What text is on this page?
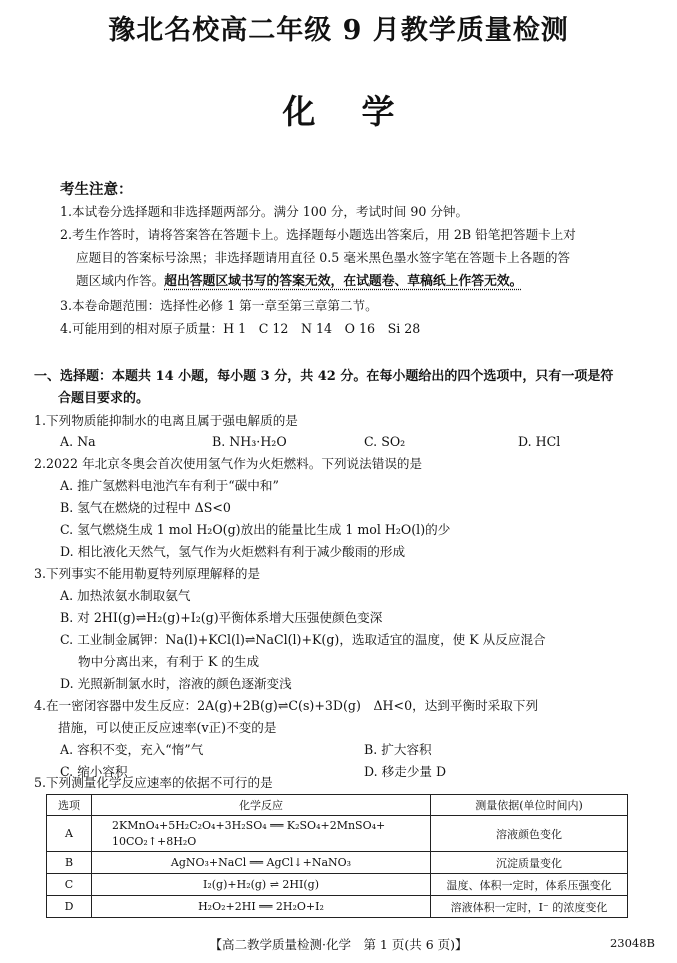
豫北名校高二年级 9 月教学质量检测
化学
考生注意：
1.本试卷分选择题和非选择题两部分。满分 100 分，考试时间 90 分钟。
2.考生作答时，请将答案答在答题卡上。选择题每小题选出答案后，用 2B 铅笔把答题卡上对
应题目的答案标号涂黑；非选择题请用直径 0.5 毫米黑色墨水签字笔在答题卡上各题的答
题区域内作答。超出答题区域书写的答案无效，在试题卷、草稿纸上作答无效。
3.本卷命题范围：选择性必修 1 第一章至第三章第二节。
4.可能用到的相对原子质量：H 1　C 12　N 14　O 16　Si 28
一、选择题：本题共 14 小题，每小题 3 分，共 42 分。在每小题给出的四个选项中，只有一项是符
合题目要求的。
1.下列物质能抑制水的电离且属于强电解质的是
A. Na	B. NH₃·H₂O	C. SO₂	D. HCl
2.2022 年北京冬奥会首次使用氢气作为火炬燃料。下列说法错误的是
A. 推广氢燃料电池汽车有利于“碳中和”
B. 氢气在燃烧的过程中 ΔS<0
C. 氢气燃烧生成 1 mol H₂O(g)放出的能量比生成 1 mol H₂O(l)的少
D. 相比液化天然气，氢气作为火炬燃料有利于减少酸雨的形成
3.下列事实不能用勒夏特列原理解释的是
A. 加热浓氨水制取氨气
B. 对 2HI(g)⇌H₂(g)+I₂(g)平衡体系增大压强使颜色变深
C. 工业制金属钾：Na(l)+KCl(l)⇌NaCl(l)+K(g)，选取适宜的温度，使 K 从反应混合
物中分离出来，有利于 K 的生成
D. 光照新制氯水时，溶液的颜色逐渐变浅
4.在一密闭容器中发生反应：2A(g)+2B(g)⇌C(s)+3D(g)　ΔH<0，达到平衡时采取下列
措施，可以使正反应速率(v正)不变的是
A. 容积不变，充入“惰”气	B. 扩大容积
C. 缩小容积	D. 移走少量 D
5.下列测量化学反应速率的依据不可行的是
选项	化学反应	测量依据(单位时间内)
A	2KMnO₄+5H₂C₂O₄+3H₂SO₄ ══ K₂SO₄+2MnSO₄+
10CO₂↑+8H₂O	溶液颜色变化
B	AgNO₃+NaCl ══ AgCl↓+NaNO₃	沉淀质量变化
C	I₂(g)+H₂(g) ⇌ 2HI(g)	温度、体积一定时，体系压强变化
D	H₂O₂+2HI ══ 2H₂O+I₂	溶液体积一定时，I⁻ 的浓度变化
【高二教学质量检测·化学　第 1 页(共 6 页)】	23048B
